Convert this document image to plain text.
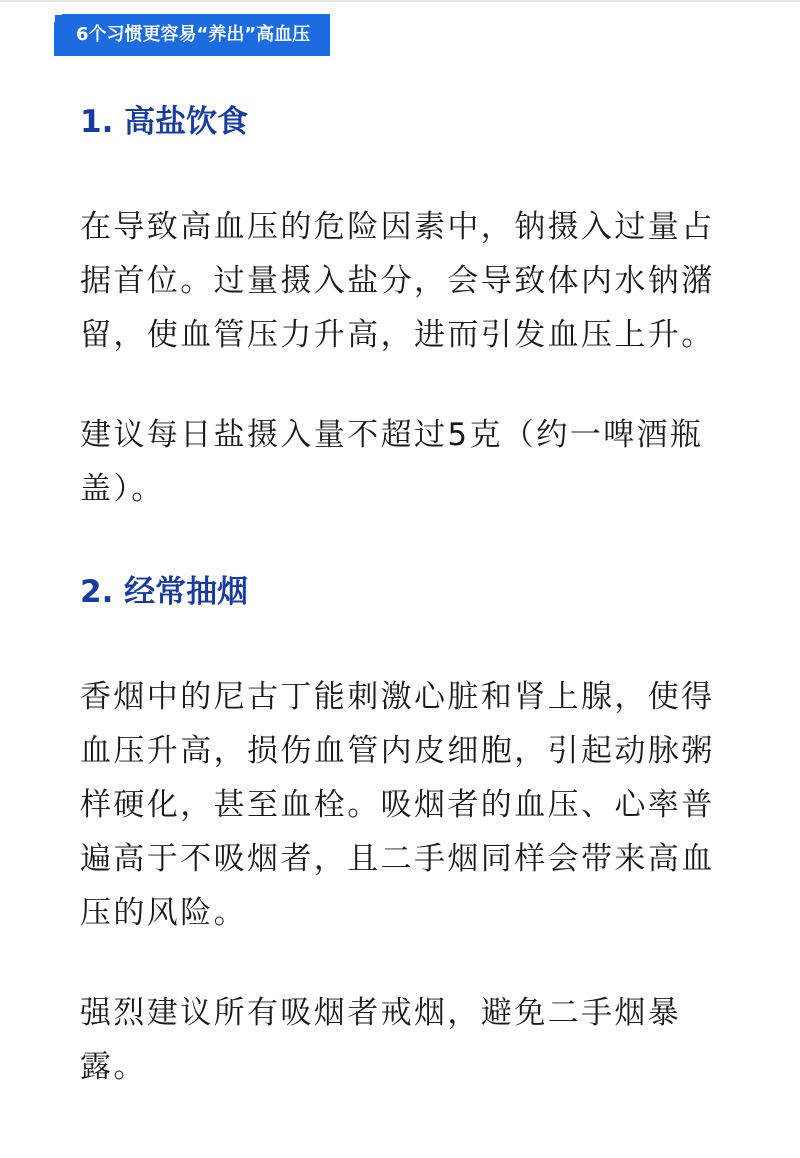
6个习惯更容易“养出”高血压
1. 高盐饮食

在导致高血压的危险因素中，钠摄入过量占据首位。过量摄入盐分，会导致体内水钠潴留，使血管压力升高，进而引发血压上升。

建议每日盐摄入量不超过5克（约一啤酒瓶盖）。

2. 经常抽烟

香烟中的尼古丁能刺激心脏和肾上腺，使得血压升高，损伤血管内皮细胞，引起动脉粥样硬化，甚至血栓。吸烟者的血压、心率普遍高于不吸烟者，且二手烟同样会带来高血压的风险。

强烈建议所有吸烟者戒烟，避免二手烟暴露。
